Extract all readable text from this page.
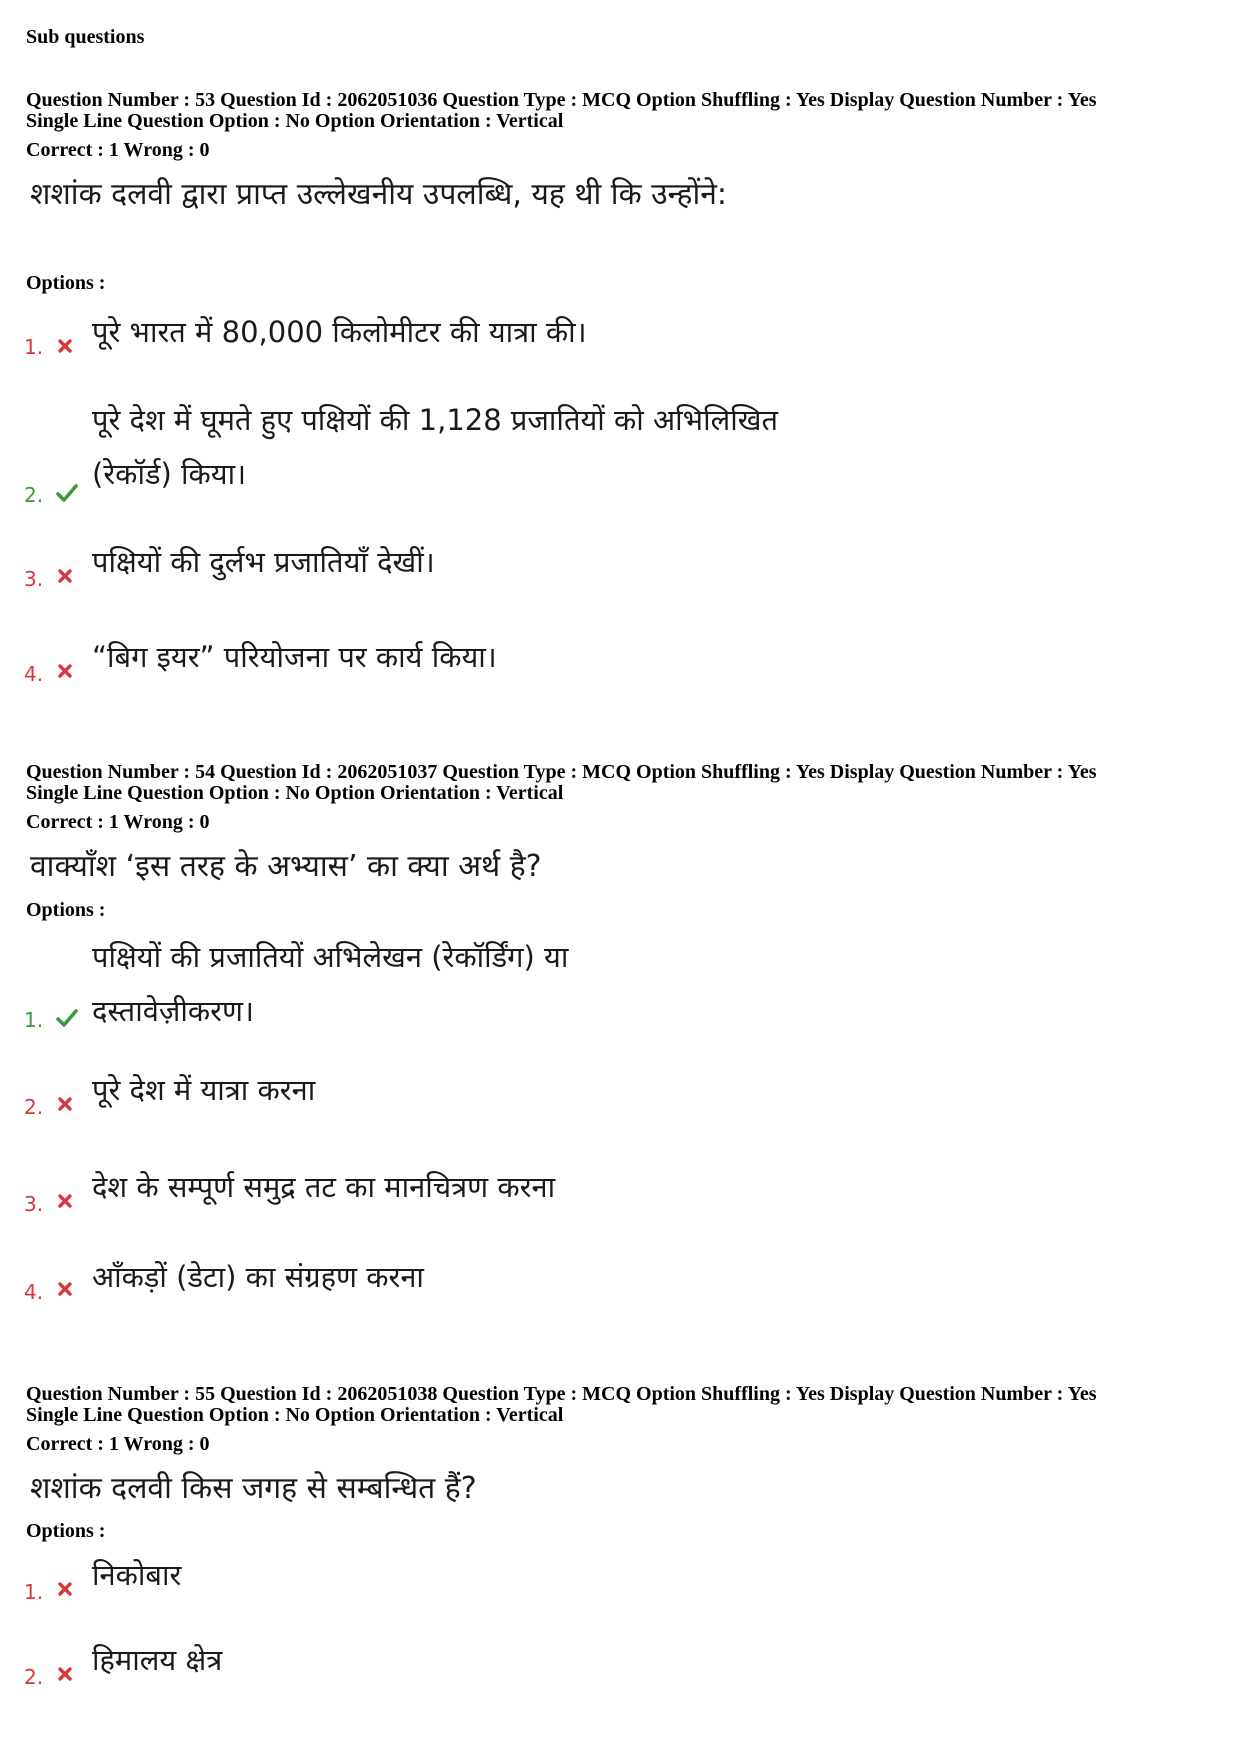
Sub questions
Question Number : 53 Question Id : 2062051036 Question Type : MCQ Option Shuffling : Yes Display Question Number : Yes
Single Line Question Option : No Option Orientation : Vertical
Correct : 1 Wrong : 0
शशांक दलवी द्वारा प्राप्त उल्लेखनीय उपलब्धि, यह थी कि उन्होंने:
Options :
1. पूरे भारत में 80,000 किलोमीटर की यात्रा की।
2.
पूरे देश में घूमते हुए पक्षियों की 1,128 प्रजातियों को अभिलिखित (रेकॉर्ड) किया।
3. पक्षियों की दुर्लभ प्रजातियाँ देखीं।
4. “बिग इयर” परियोजना पर कार्य किया।
Question Number : 54 Question Id : 2062051037 Question Type : MCQ Option Shuffling : Yes Display Question Number : Yes
Single Line Question Option : No Option Orientation : Vertical
Correct : 1 Wrong : 0
वाक्यॉंश ‘इस तरह के अभ्यास’ का क्या अर्थ है?
Options :
1.
पक्षियों की प्रजातियों अभिलेखन (रेकॉर्डिंग) या दस्तावेज़ीकरण।
2. पूरे देश में यात्रा करना
3. देश के सम्पूर्ण समुद्र तट का मानचित्रण करना
4. आँकड़ों (डेटा) का संग्रहण करना
Question Number : 55 Question Id : 2062051038 Question Type : MCQ Option Shuffling : Yes Display Question Number : Yes
Single Line Question Option : No Option Orientation : Vertical
Correct : 1 Wrong : 0
शशांक दलवी किस जगह से सम्बन्धित हैं?
Options :
1. निकोबार
2. हिमालय क्षेत्र
